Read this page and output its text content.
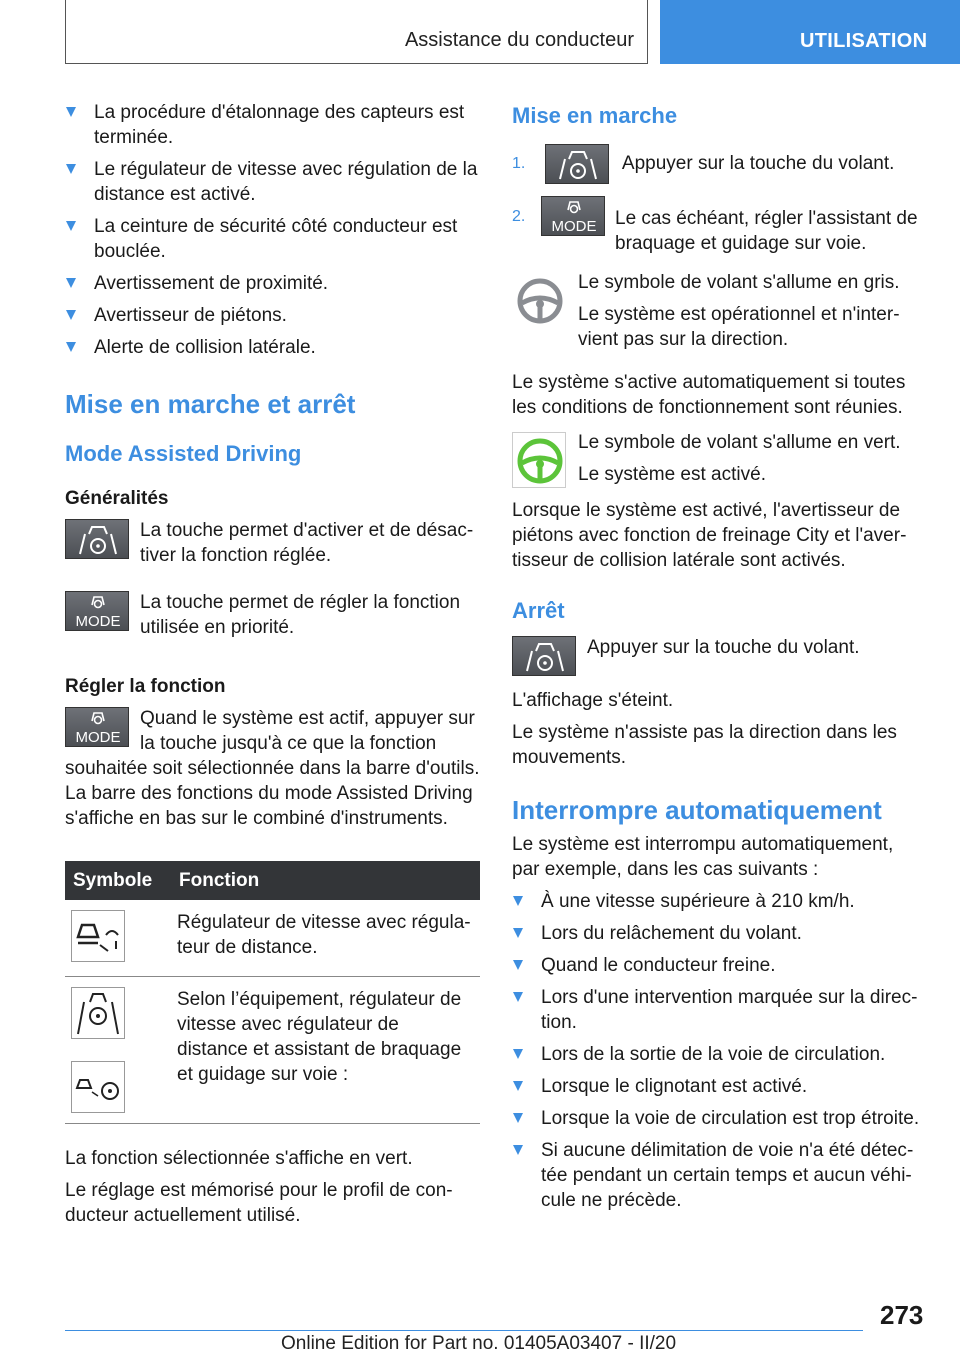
Assistance du conducteur	UTILISATION
La procédure d'étalonnage des capteurs est terminée.
Le régulateur de vitesse avec régulation de la distance est activé.
La ceinture de sécurité côté conducteur est bouclée.
Avertissement de proximité.
Avertisseur de piétons.
Alerte de collision latérale.
Mise en marche et arrêt
Mode Assisted Driving
Généralités

La touche permet d'activer et de désactiver la fonction réglée.

MODE

La touche permet de régler la fonction utilisée en priorité.

Régler la fonction
MODE

Quand le système est actif, appuyer sur la touche jusqu'à ce que la fonction souhaitée soit sélectionnée dans la barre d'outils.

La barre des fonctions du mode Assisted Driving s'affiche en bas sur le combiné d'instruments.

Symbole	Fonction

	Régulateur de vitesse avec régulateur de distance.

	Selon l’équipement, régulateur de vitesse avec régulateur de distance et assistant de braquage et guidage sur voie :

La fonction sélectionnée s'affiche en vert.

Le réglage est mémorisé pour le profil de conducteur actuellement utilisé.

Mise en marche
1.	Appuyer sur la touche du volant.
2.
MODE Le cas échéant, régler l'assistant de braquage et guidage sur voie.

Le symbole de volant s'allume en gris.

Le système est opérationnel et n'intervient pas sur la direction.

Le système s'active automatiquement si toutes les conditions de fonctionnement sont réunies.

Le symbole de volant s'allume en vert.

Le système est activé.

Lorsque le système est activé, l'avertisseur de piétons avec fonction de freinage City et l'avertisseur de collision latérale sont activés.

Arrêt

Appuyer sur la touche du volant.

L'affichage s'éteint.

Le système n'assiste pas la direction dans les mouvements.

Interrompre automatiquement

Le système est interrompu automatiquement, par exemple, dans les cas suivants :

À une vitesse supérieure à 210 km/h.
Lors du relâchement du volant.
Quand le conducteur freine.
Lors d'une intervention marquée sur la direction.
Lors de la sortie de la voie de circulation.
Lorsque le clignotant est activé.
Lorsque la voie de circulation est trop étroite.
Si aucune délimitation de voie n'a été détectée pendant un certain temps et aucun véhicule ne précède.
273
Online Edition for Part no. 01405A03407 - II/20
